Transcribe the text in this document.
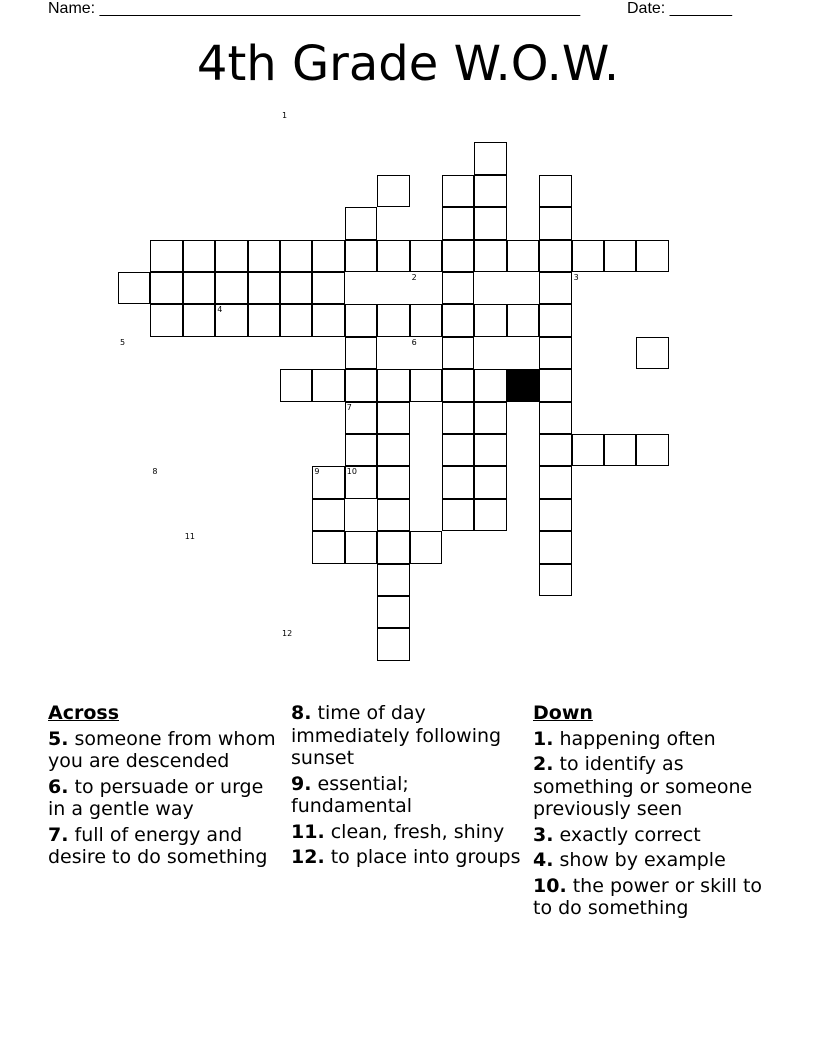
Name: ______________________________________________________	Date: _______
4th Grade W.O.W.
1
2	3
4
5	6
7
8	9	10
11
12
Across
5. someone from whom you are descended
6. to persuade or urge in a gentle way
7. full of energy and desire to do something
8. time of day immediately following sunset
9. essential; fundamental
11. clean, fresh, shiny
12. to place into groups
Down
1. happening often
2. to identify as something or someone previously seen
3. exactly correct
4. show by example
10. the power or skill to to do something
